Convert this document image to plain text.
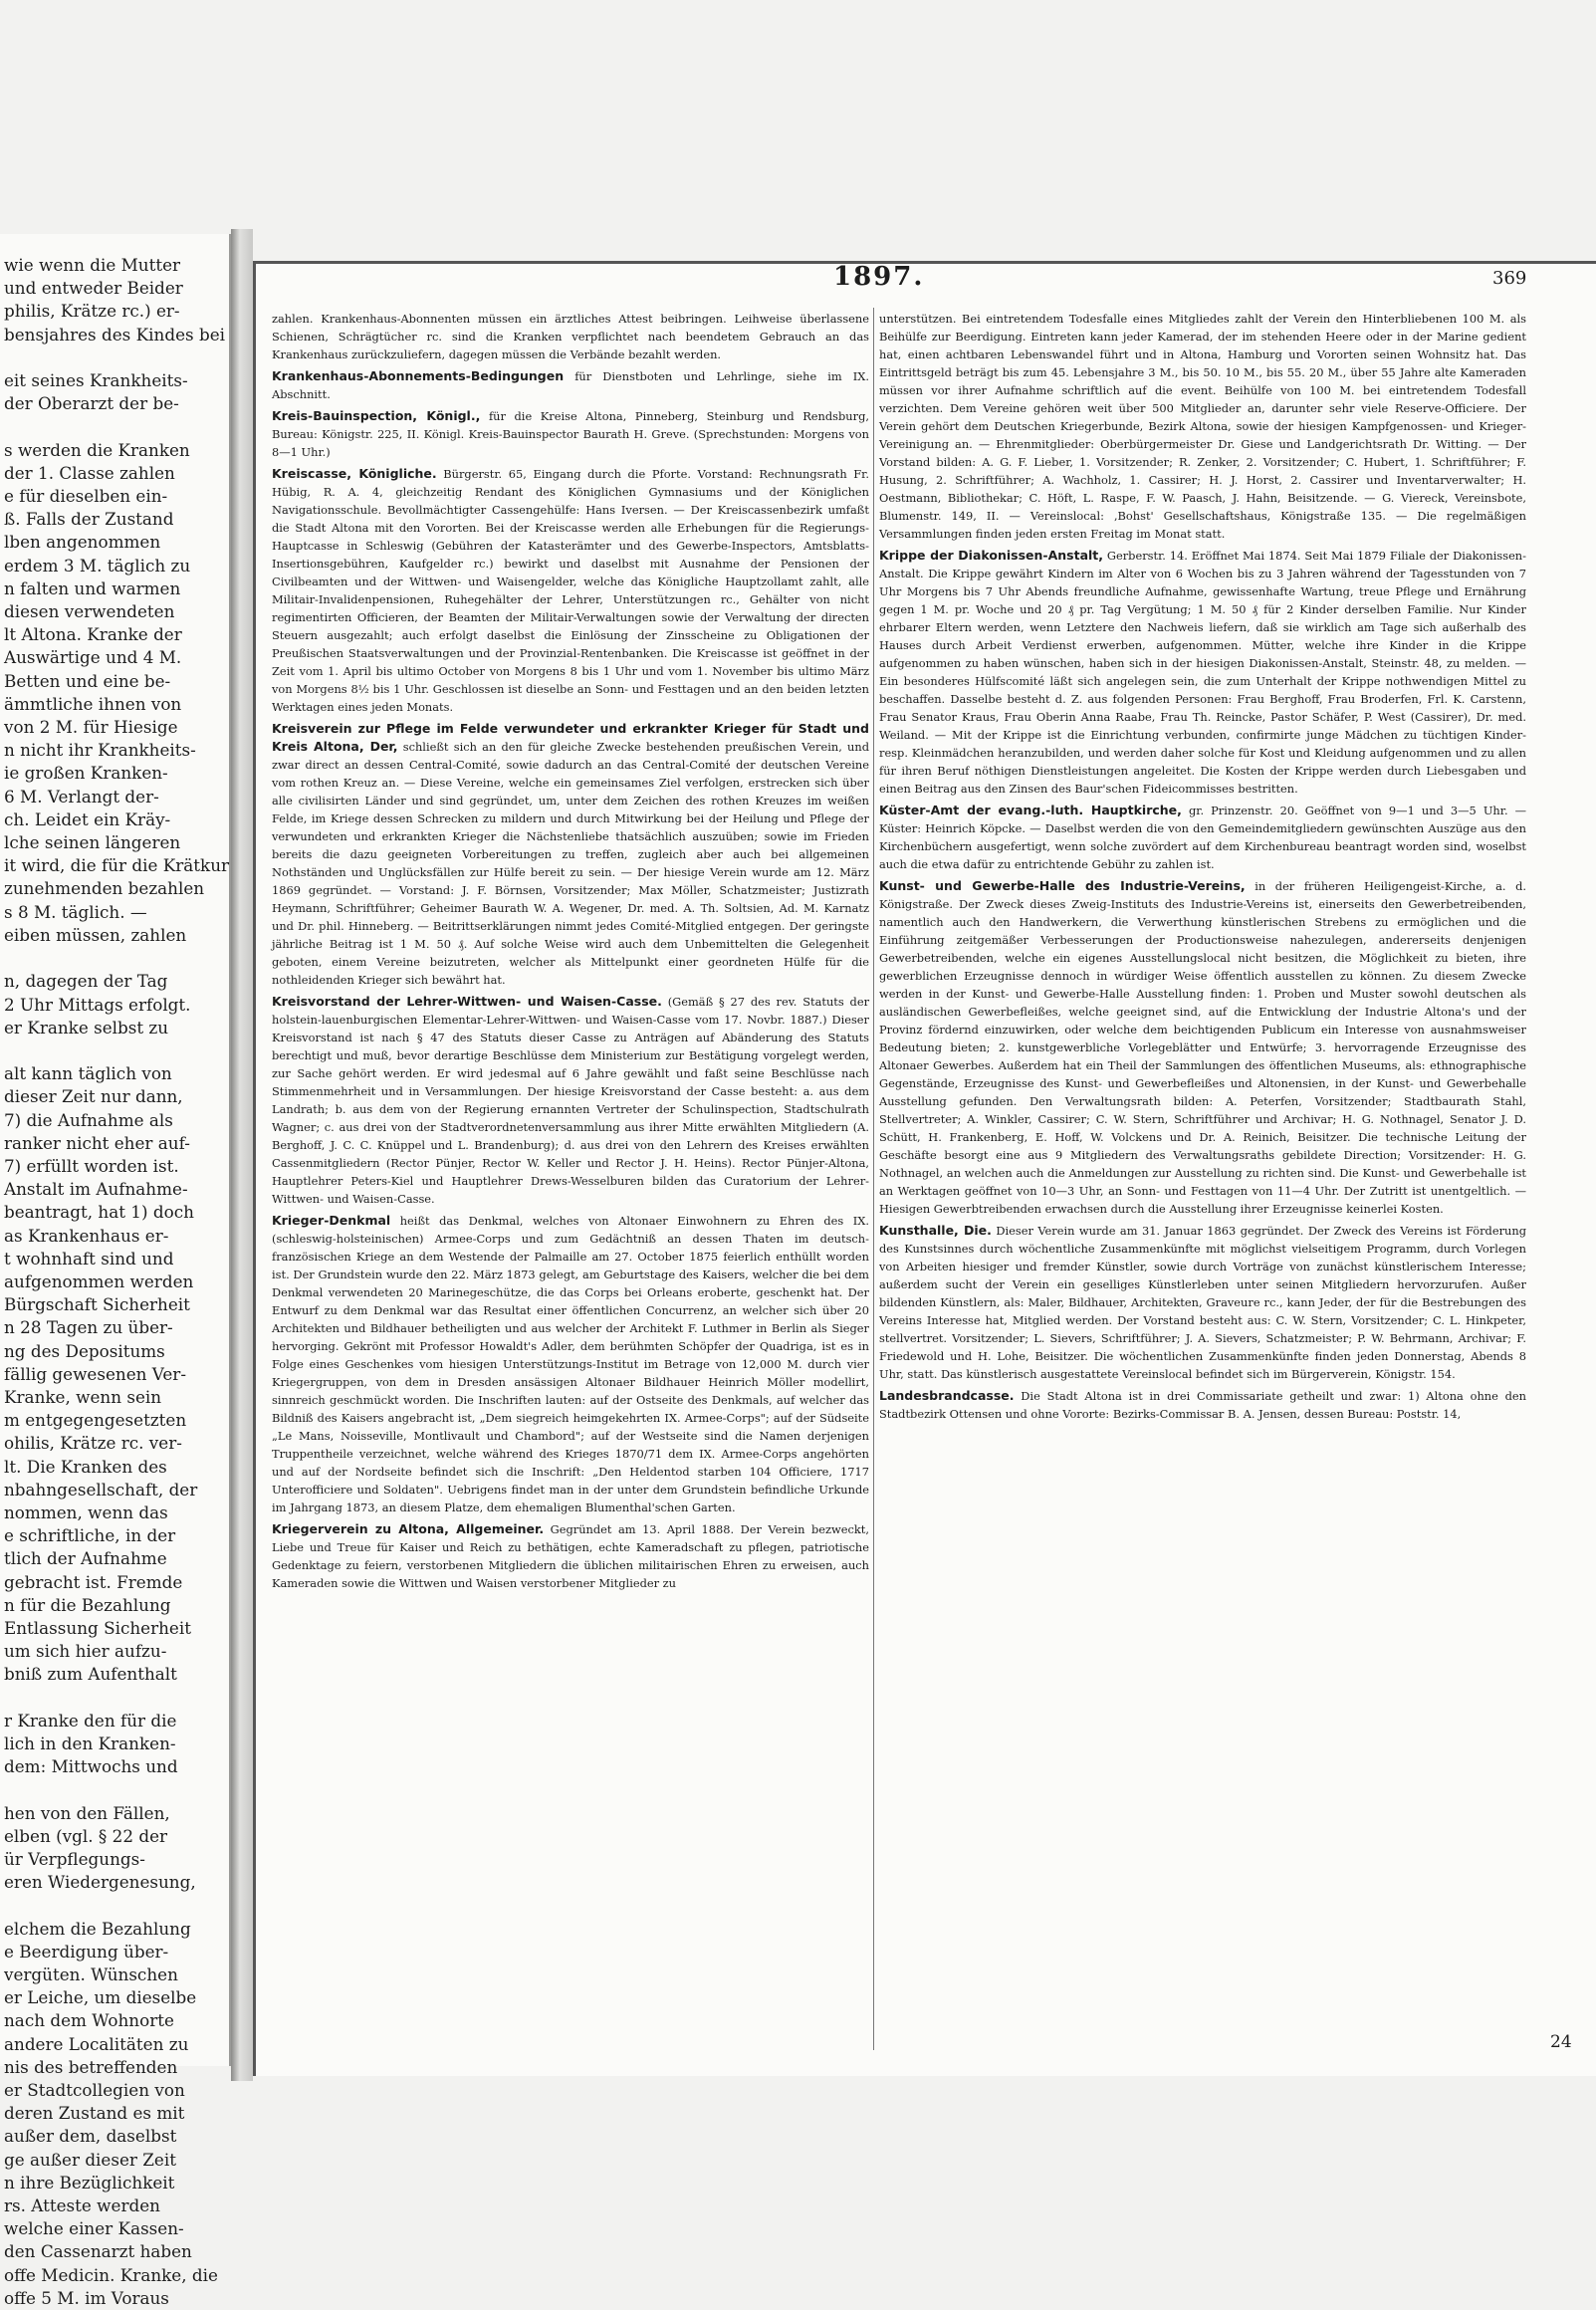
wie wenn die Mutter
und entweder Beider
philis, Krätze rc.) er-
bensjahres des Kindes bei

eit seines Krankheits-
der Oberarzt der be-

s werden die Kranken
der 1. Classe zahlen
e für dieselben ein-
ß. Falls der Zustand
lben angenommen
erdem 3 M. täglich zu
n falten und warmen
diesen verwendeten
lt Altona. Kranke der
Auswärtige und 4 M.
Betten und eine be-
ämmtliche ihnen von
von 2 M. für Hiesige
n nicht ihr Krankheits-
ie großen Kranken-
6 M. Verlangt der-
ch. Leidet ein Kräy-
lche seinen längeren
it wird, die für die Krätkur
zunehmenden bezahlen
s 8 M. täglich. —
eiben müssen, zahlen

n, dagegen der Tag
2 Uhr Mittags erfolgt.
er Kranke selbst zu

alt kann täglich von
dieser Zeit nur dann,
7) die Aufnahme als
ranker nicht eher auf-
7) erfüllt worden ist.
Anstalt im Aufnahme-
beantragt, hat 1) doch
as Krankenhaus er-
t wohnhaft sind und
aufgenommen werden
Bürgschaft Sicherheit
n 28 Tagen zu über-
ng des Depositums
fällig gewesenen Ver-
Kranke, wenn sein
m entgegengesetzten
ohilis, Krätze rc. ver-
lt. Die Kranken des
nbahngesellschaft, der
nommen, wenn das
e schriftliche, in der
tlich der Aufnahme
gebracht ist. Fremde
n für die Bezahlung
Entlassung Sicherheit
um sich hier aufzu-
bniß zum Aufenthalt

r Kranke den für die
lich in den Kranken-
dem: Mittwochs und

hen von den Fällen,
elben (vgl. § 22 der
ür Verpflegungs-
eren Wiedergenesung,

elchem die Bezahlung
e Beerdigung über-
vergüten. Wünschen
er Leiche, um dieselbe
nach dem Wohnorte
andere Localitäten zu
nis des betreffenden
er Stadtcollegien von
deren Zustand es mit
außer dem, daselbst
ge außer dieser Zeit
n ihre Bezüglichkeit
rs. Atteste werden
welche einer Kassen-
den Cassenarzt haben
offe Medicin. Kranke, die
offe 5 M. im Voraus
1897.	369
zahlen. Krankenhaus-Abonnenten müssen ein ärztliches Attest beibringen. Leihweise überlassene Schienen, Schrägtücher rc. sind die Kranken verpflichtet nach beendetem Gebrauch an das Krankenhaus zurückzuliefern, dagegen müssen die Verbände bezahlt werden.
Krankenhaus-Abonnements-Bedingungen für Dienstboten und Lehrlinge, siehe im IX. Abschnitt.
Kreis-Bauinspection, Königl., für die Kreise Altona, Pinneberg, Steinburg und Rendsburg, Bureau: Königstr. 225, II. Königl. Kreis-Bauinspector Baurath H. Greve. (Sprechstunden: Morgens von 8—1 Uhr.)
Kreiscasse, Königliche. Bürgerstr. 65, Eingang durch die Pforte. Vorstand: Rechnungsrath Fr. Hübig, R. A. 4, gleichzeitig Rendant des Königlichen Gymnasiums und der Königlichen Navigationsschule. Bevollmächtigter Cassengehülfe: Hans Iversen. — Der Kreiscassenbezirk umfaßt die Stadt Altona mit den Vororten. Bei der Kreiscasse werden alle Erhebungen für die Regierungs-Hauptcasse in Schleswig (Gebühren der Katasterämter und des Gewerbe-Inspectors, Amtsblatts-Insertionsgebühren, Kaufgelder rc.) bewirkt und daselbst mit Ausnahme der Pensionen der Civilbeamten und der Wittwen- und Waisengelder, welche das Königliche Hauptzollamt zahlt, alle Militair-Invalidenpensionen, Ruhegehälter der Lehrer, Unterstützungen rc., Gehälter von nicht regimentirten Officieren, der Beamten der Militair-Verwaltungen sowie der Verwaltung der directen Steuern ausgezahlt; auch erfolgt daselbst die Einlösung der Zinsscheine zu Obligationen der Preußischen Staatsverwaltungen und der Provinzial-Rentenbanken. Die Kreiscasse ist geöffnet in der Zeit vom 1. April bis ultimo October von Morgens 8 bis 1 Uhr und vom 1. November bis ultimo März von Morgens 8½ bis 1 Uhr. Geschlossen ist dieselbe an Sonn- und Festtagen und an den beiden letzten Werktagen eines jeden Monats.
Kreisverein zur Pflege im Felde verwundeter und erkrankter Krieger für Stadt und Kreis Altona, Der, schließt sich an den für gleiche Zwecke bestehenden preußischen Verein, und zwar direct an dessen Central-Comité, sowie dadurch an das Central-Comité der deutschen Vereine vom rothen Kreuz an. — Diese Vereine, welche ein gemeinsames Ziel verfolgen, erstrecken sich über alle civilisirten Länder und sind gegründet, um, unter dem Zeichen des rothen Kreuzes im weißen Felde, im Kriege dessen Schrecken zu mildern und durch Mitwirkung bei der Heilung und Pflege der verwundeten und erkrankten Krieger die Nächstenliebe thatsächlich auszuüben; sowie im Frieden bereits die dazu geeigneten Vorbereitungen zu treffen, zugleich aber auch bei allgemeinen Nothständen und Unglücksfällen zur Hülfe bereit zu sein. — Der hiesige Verein wurde am 12. März 1869 gegründet. — Vorstand: J. F. Börnsen, Vorsitzender; Max Möller, Schatzmeister; Justizrath Heymann, Schriftführer; Geheimer Baurath W. A. Wegener, Dr. med. A. Th. Soltsien, Ad. M. Karnatz und Dr. phil. Hinneberg. — Beitrittserklärungen nimmt jedes Comité-Mitglied entgegen. Der geringste jährliche Beitrag ist 1 M. 50 ₰. Auf solche Weise wird auch dem Unbemittelten die Gelegenheit geboten, einem Vereine beizutreten, welcher als Mittelpunkt einer geordneten Hülfe für die nothleidenden Krieger sich bewährt hat.
Kreisvorstand der Lehrer-Wittwen- und Waisen-Casse. (Gemäß § 27 des rev. Statuts der holstein-lauenburgischen Elementar-Lehrer-Wittwen- und Waisen-Casse vom 17. Novbr. 1887.) Dieser Kreisvorstand ist nach § 47 des Statuts dieser Casse zu Anträgen auf Abänderung des Statuts berechtigt und muß, bevor derartige Beschlüsse dem Ministerium zur Bestätigung vorgelegt werden, zur Sache gehört werden. Er wird jedesmal auf 6 Jahre gewählt und faßt seine Beschlüsse nach Stimmenmehrheit und in Versammlungen. Der hiesige Kreisvorstand der Casse besteht: a. aus dem Landrath; b. aus dem von der Regierung ernannten Vertreter der Schulinspection, Stadtschulrath Wagner; c. aus drei von der Stadtverordnetenversammlung aus ihrer Mitte erwählten Mitgliedern (A. Berghoff, J. C. C. Knüppel und L. Brandenburg); d. aus drei von den Lehrern des Kreises erwählten Cassenmitgliedern (Rector Pünjer, Rector W. Keller und Rector J. H. Heins). Rector Pünjer-Altona, Hauptlehrer Peters-Kiel und Hauptlehrer Drews-Wesselburen bilden das Curatorium der Lehrer-Wittwen- und Waisen-Casse.
Krieger-Denkmal heißt das Denkmal, welches von Altonaer Einwohnern zu Ehren des IX. (schleswig-holsteinischen) Armee-Corps und zum Gedächtniß an dessen Thaten im deutsch-französischen Kriege an dem Westende der Palmaille am 27. October 1875 feierlich enthüllt worden ist. Der Grundstein wurde den 22. März 1873 gelegt, am Geburtstage des Kaisers, welcher die bei dem Denkmal verwendeten 20 Marinegeschütze, die das Corps bei Orleans eroberte, geschenkt hat. Der Entwurf zu dem Denkmal war das Resultat einer öffentlichen Concurrenz, an welcher sich über 20 Architekten und Bildhauer betheiligten und aus welcher der Architekt F. Luthmer in Berlin als Sieger hervorging. Gekrönt mit Professor Howaldt's Adler, dem berühmten Schöpfer der Quadriga, ist es in Folge eines Geschenkes vom hiesigen Unterstützungs-Institut im Betrage von 12,000 M. durch vier Kriegergruppen, von dem in Dresden ansässigen Altonaer Bildhauer Heinrich Möller modellirt, sinnreich geschmückt worden. Die Inschriften lauten: auf der Ostseite des Denkmals, auf welcher das Bildniß des Kaisers angebracht ist, „Dem siegreich heimgekehrten IX. Armee-Corps"; auf der Südseite „Le Mans, Noisseville, Montlivault und Chambord"; auf der Westseite sind die Namen derjenigen Truppentheile verzeichnet, welche während des Krieges 1870/71 dem IX. Armee-Corps angehörten und auf der Nordseite befindet sich die Inschrift: „Den Heldentod starben 104 Officiere, 1717 Unterofficiere und Soldaten". Uebrigens findet man in der unter dem Grundstein befindliche Urkunde im Jahrgang 1873, an diesem Platze, dem ehemaligen Blumenthal'schen Garten.
Kriegerverein zu Altona, Allgemeiner. Gegründet am 13. April 1888. Der Verein bezweckt, Liebe und Treue für Kaiser und Reich zu bethätigen, echte Kameradschaft zu pflegen, patriotische Gedenktage zu feiern, verstorbenen Mitgliedern die üblichen militairischen Ehren zu erweisen, auch Kameraden sowie die Wittwen und Waisen verstorbener Mitglieder zu
unterstützen. Bei eintretendem Todesfalle eines Mitgliedes zahlt der Verein den Hinterbliebenen 100 M. als Beihülfe zur Beerdigung. Eintreten kann jeder Kamerad, der im stehenden Heere oder in der Marine gedient hat, einen achtbaren Lebenswandel führt und in Altona, Hamburg und Vororten seinen Wohnsitz hat. Das Eintrittsgeld beträgt bis zum 45. Lebensjahre 3 M., bis 50. 10 M., bis 55. 20 M., über 55 Jahre alte Kameraden müssen vor ihrer Aufnahme schriftlich auf die event. Beihülfe von 100 M. bei eintretendem Todesfall verzichten. Dem Vereine gehören weit über 500 Mitglieder an, darunter sehr viele Reserve-Officiere. Der Verein gehört dem Deutschen Kriegerbunde, Bezirk Altona, sowie der hiesigen Kampfgenossen- und Krieger-Vereinigung an. — Ehrenmitglieder: Oberbürgermeister Dr. Giese und Landgerichtsrath Dr. Witting. — Der Vorstand bilden: A. G. F. Lieber, 1. Vorsitzender; R. Zenker, 2. Vorsitzender; C. Hubert, 1. Schriftführer; F. Husung, 2. Schriftführer; A. Wachholz, 1. Cassirer; H. J. Horst, 2. Cassirer und Inventarverwalter; H. Oestmann, Bibliothekar; C. Höft, L. Raspe, F. W. Paasch, J. Hahn, Beisitzende. — G. Viereck, Vereinsbote, Blumenstr. 149, II. — Vereinslocal: ‚Bohst' Gesellschaftshaus, Königstraße 135. — Die regelmäßigen Versammlungen finden jeden ersten Freitag im Monat statt.
Krippe der Diakonissen-Anstalt, Gerberstr. 14. Eröffnet Mai 1874. Seit Mai 1879 Filiale der Diakonissen-Anstalt. Die Krippe gewährt Kindern im Alter von 6 Wochen bis zu 3 Jahren während der Tagesstunden von 7 Uhr Morgens bis 7 Uhr Abends freundliche Aufnahme, gewissenhafte Wartung, treue Pflege und Ernährung gegen 1 M. pr. Woche und 20 ₰ pr. Tag Vergütung; 1 M. 50 ₰ für 2 Kinder derselben Familie. Nur Kinder ehrbarer Eltern werden, wenn Letztere den Nachweis liefern, daß sie wirklich am Tage sich außerhalb des Hauses durch Arbeit Verdienst erwerben, aufgenommen. Mütter, welche ihre Kinder in die Krippe aufgenommen zu haben wünschen, haben sich in der hiesigen Diakonissen-Anstalt, Steinstr. 48, zu melden. — Ein besonderes Hülfscomité läßt sich angelegen sein, die zum Unterhalt der Krippe nothwendigen Mittel zu beschaffen. Dasselbe besteht d. Z. aus folgenden Personen: Frau Berghoff, Frau Broderfen, Frl. K. Carstenn, Frau Senator Kraus, Frau Oberin Anna Raabe, Frau Th. Reincke, Pastor Schäfer, P. West (Cassirer), Dr. med. Weiland. — Mit der Krippe ist die Einrichtung verbunden, confirmirte junge Mädchen zu tüchtigen Kinder- resp. Kleinmädchen heranzubilden, und werden daher solche für Kost und Kleidung aufgenommen und zu allen für ihren Beruf nöthigen Dienstleistungen angeleitet. Die Kosten der Krippe werden durch Liebesgaben und einen Beitrag aus den Zinsen des Baur'schen Fideicommisses bestritten.
Küster-Amt der evang.-luth. Hauptkirche, gr. Prinzenstr. 20. Geöffnet von 9—1 und 3—5 Uhr. — Küster: Heinrich Köpcke. — Daselbst werden die von den Gemeindemitgliedern gewünschten Auszüge aus den Kirchenbüchern ausgefertigt, wenn solche zuvördert auf dem Kirchenbureau beantragt worden sind, woselbst auch die etwa dafür zu entrichtende Gebühr zu zahlen ist.
Kunst- und Gewerbe-Halle des Industrie-Vereins, in der früheren Heiligengeist-Kirche, a. d. Königstraße. Der Zweck dieses Zweig-Instituts des Industrie-Vereins ist, einerseits den Gewerbetreibenden, namentlich auch den Handwerkern, die Verwerthung künstlerischen Strebens zu ermöglichen und die Einführung zeitgemäßer Verbesserungen der Productionsweise nahezulegen, andererseits denjenigen Gewerbetreibenden, welche ein eigenes Ausstellungslocal nicht besitzen, die Möglichkeit zu bieten, ihre gewerblichen Erzeugnisse dennoch in würdiger Weise öffentlich ausstellen zu können. Zu diesem Zwecke werden in der Kunst- und Gewerbe-Halle Ausstellung finden: 1. Proben und Muster sowohl deutschen als ausländischen Gewerbefleißes, welche geeignet sind, auf die Entwicklung der Industrie Altona's und der Provinz fördernd einzuwirken, oder welche dem beichtigenden Publicum ein Interesse von ausnahmsweiser Bedeutung bieten; 2. kunstgewerbliche Vorlegeblätter und Entwürfe; 3. hervorragende Erzeugnisse des Altonaer Gewerbes. Außerdem hat ein Theil der Sammlungen des öffentlichen Museums, als: ethnographische Gegenstände, Erzeugnisse des Kunst- und Gewerbefleißes und Altonensien, in der Kunst- und Gewerbehalle Ausstellung gefunden. Den Verwaltungsrath bilden: A. Peterfen, Vorsitzender; Stadtbaurath Stahl, Stellvertreter; A. Winkler, Cassirer; C. W. Stern, Schriftführer und Archivar; H. G. Nothnagel, Senator J. D. Schütt, H. Frankenberg, E. Hoff, W. Volckens und Dr. A. Reinich, Beisitzer. Die technische Leitung der Geschäfte besorgt eine aus 9 Mitgliedern des Verwaltungsraths gebildete Direction; Vorsitzender: H. G. Nothnagel, an welchen auch die Anmeldungen zur Ausstellung zu richten sind. Die Kunst- und Gewerbehalle ist an Werktagen geöffnet von 10—3 Uhr, an Sonn- und Festtagen von 11—4 Uhr. Der Zutritt ist unentgeltlich. — Hiesigen Gewerbtreibenden erwachsen durch die Ausstellung ihrer Erzeugnisse keinerlei Kosten.
Kunsthalle, Die. Dieser Verein wurde am 31. Januar 1863 gegründet. Der Zweck des Vereins ist Förderung des Kunstsinnes durch wöchentliche Zusammenkünfte mit möglichst vielseitigem Programm, durch Vorlegen von Arbeiten hiesiger und fremder Künstler, sowie durch Vorträge von zunächst künstlerischem Interesse; außerdem sucht der Verein ein geselliges Künstlerleben unter seinen Mitgliedern hervorzurufen. Außer bildenden Künstlern, als: Maler, Bildhauer, Architekten, Graveure rc., kann Jeder, der für die Bestrebungen des Vereins Interesse hat, Mitglied werden. Der Vorstand besteht aus: C. W. Stern, Vorsitzender; C. L. Hinkpeter, stellvertret. Vorsitzender; L. Sievers, Schriftführer; J. A. Sievers, Schatzmeister; P. W. Behrmann, Archivar; F. Friedewold und H. Lohe, Beisitzer. Die wöchentlichen Zusammenkünfte finden jeden Donnerstag, Abends 8 Uhr, statt. Das künstlerisch ausgestattete Vereinslocal befindet sich im Bürgerverein, Königstr. 154.
Landesbrandcasse. Die Stadt Altona ist in drei Commissariate getheilt und zwar: 1) Altona ohne den Stadtbezirk Ottensen und ohne Vororte: Bezirks-Commissar B. A. Jensen, dessen Bureau: Poststr. 14,
24
